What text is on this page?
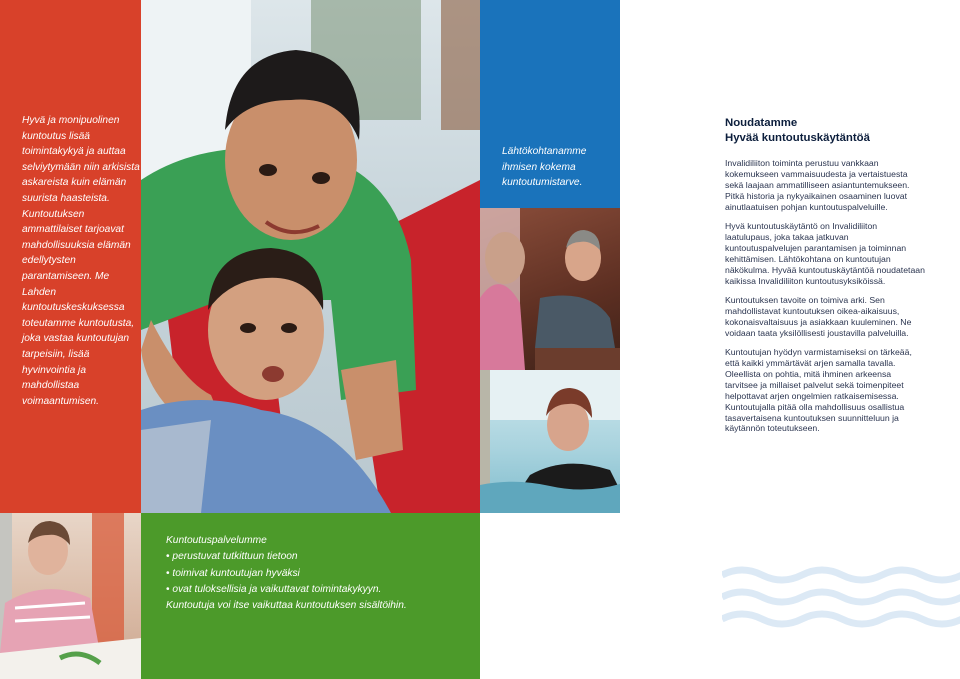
Hyvä ja monipuolinen kuntoutus lisää toimintakykyä ja auttaa selviytymään niin arkisista askareista kuin elämän suurista haasteista. Kuntoutuksen ammattilaiset tarjoavat mahdollisuuksia elämän edellytysten parantamiseen. Me Lahden kuntoutuskeskuksessa toteutamme kuntoutusta, joka vastaa kuntoutujan tarpeisiin, lisää hyvinvointia ja mahdollistaa voimaantumisen.
Lähtökohtanamme ihmisen kokema kuntoutumistarve.
Kuntoutuspalvelumme
• perustuvat tutkittuun tietoon
• toimivat kuntoutujan hyväksi
• ovat tuloksellisia ja vaikuttavat toimintakykyyn.
Kuntoutuja voi itse vaikuttaa kuntoutuksen sisältöihin.
Noudatamme
Hyvää kuntoutuskäytäntöä

Invalidiliiton toiminta perustuu vankkaan kokemukseen vammaisuudesta ja vertaistuesta sekä laajaan ammatilliseen asiantuntemukseen. Pitkä historia ja nykyaikainen osaaminen luovat ainutlaatuisen pohjan kuntoutuspalveluille.

Hyvä kuntoutuskäytäntö on Invalidiliiton laatulupaus, joka takaa jatkuvan kuntoutuspalvelujen parantamisen ja toiminnan kehittämisen. Lähtökohtana on kuntoutujan näkökulma. Hyvää kuntoutuskäytäntöä noudatetaan kaikissa Invalidiliiton kuntoutusyksiköissä.

Kuntoutuksen tavoite on toimiva arki. Sen mahdollistavat kuntoutuksen oikea-aikaisuus, kokonaisvaltaisuus ja asiakkaan kuuleminen. Ne voidaan taata yksilöllisesti joustavilla palveluilla.

Kuntoutujan hyödyn varmistamiseksi on tärkeää, että kaikki ymmärtävät arjen samalla tavalla. Oleellista on pohtia, mitä ihminen arkeensa tarvitsee ja millaiset palvelut sekä toimenpiteet helpottavat arjen ongelmien ratkaisemisessa. Kuntoutujalla pitää olla mahdollisuus osallistua tasavertaisena kuntoutuksen suunnitteluun ja käytännön toteutukseen.
